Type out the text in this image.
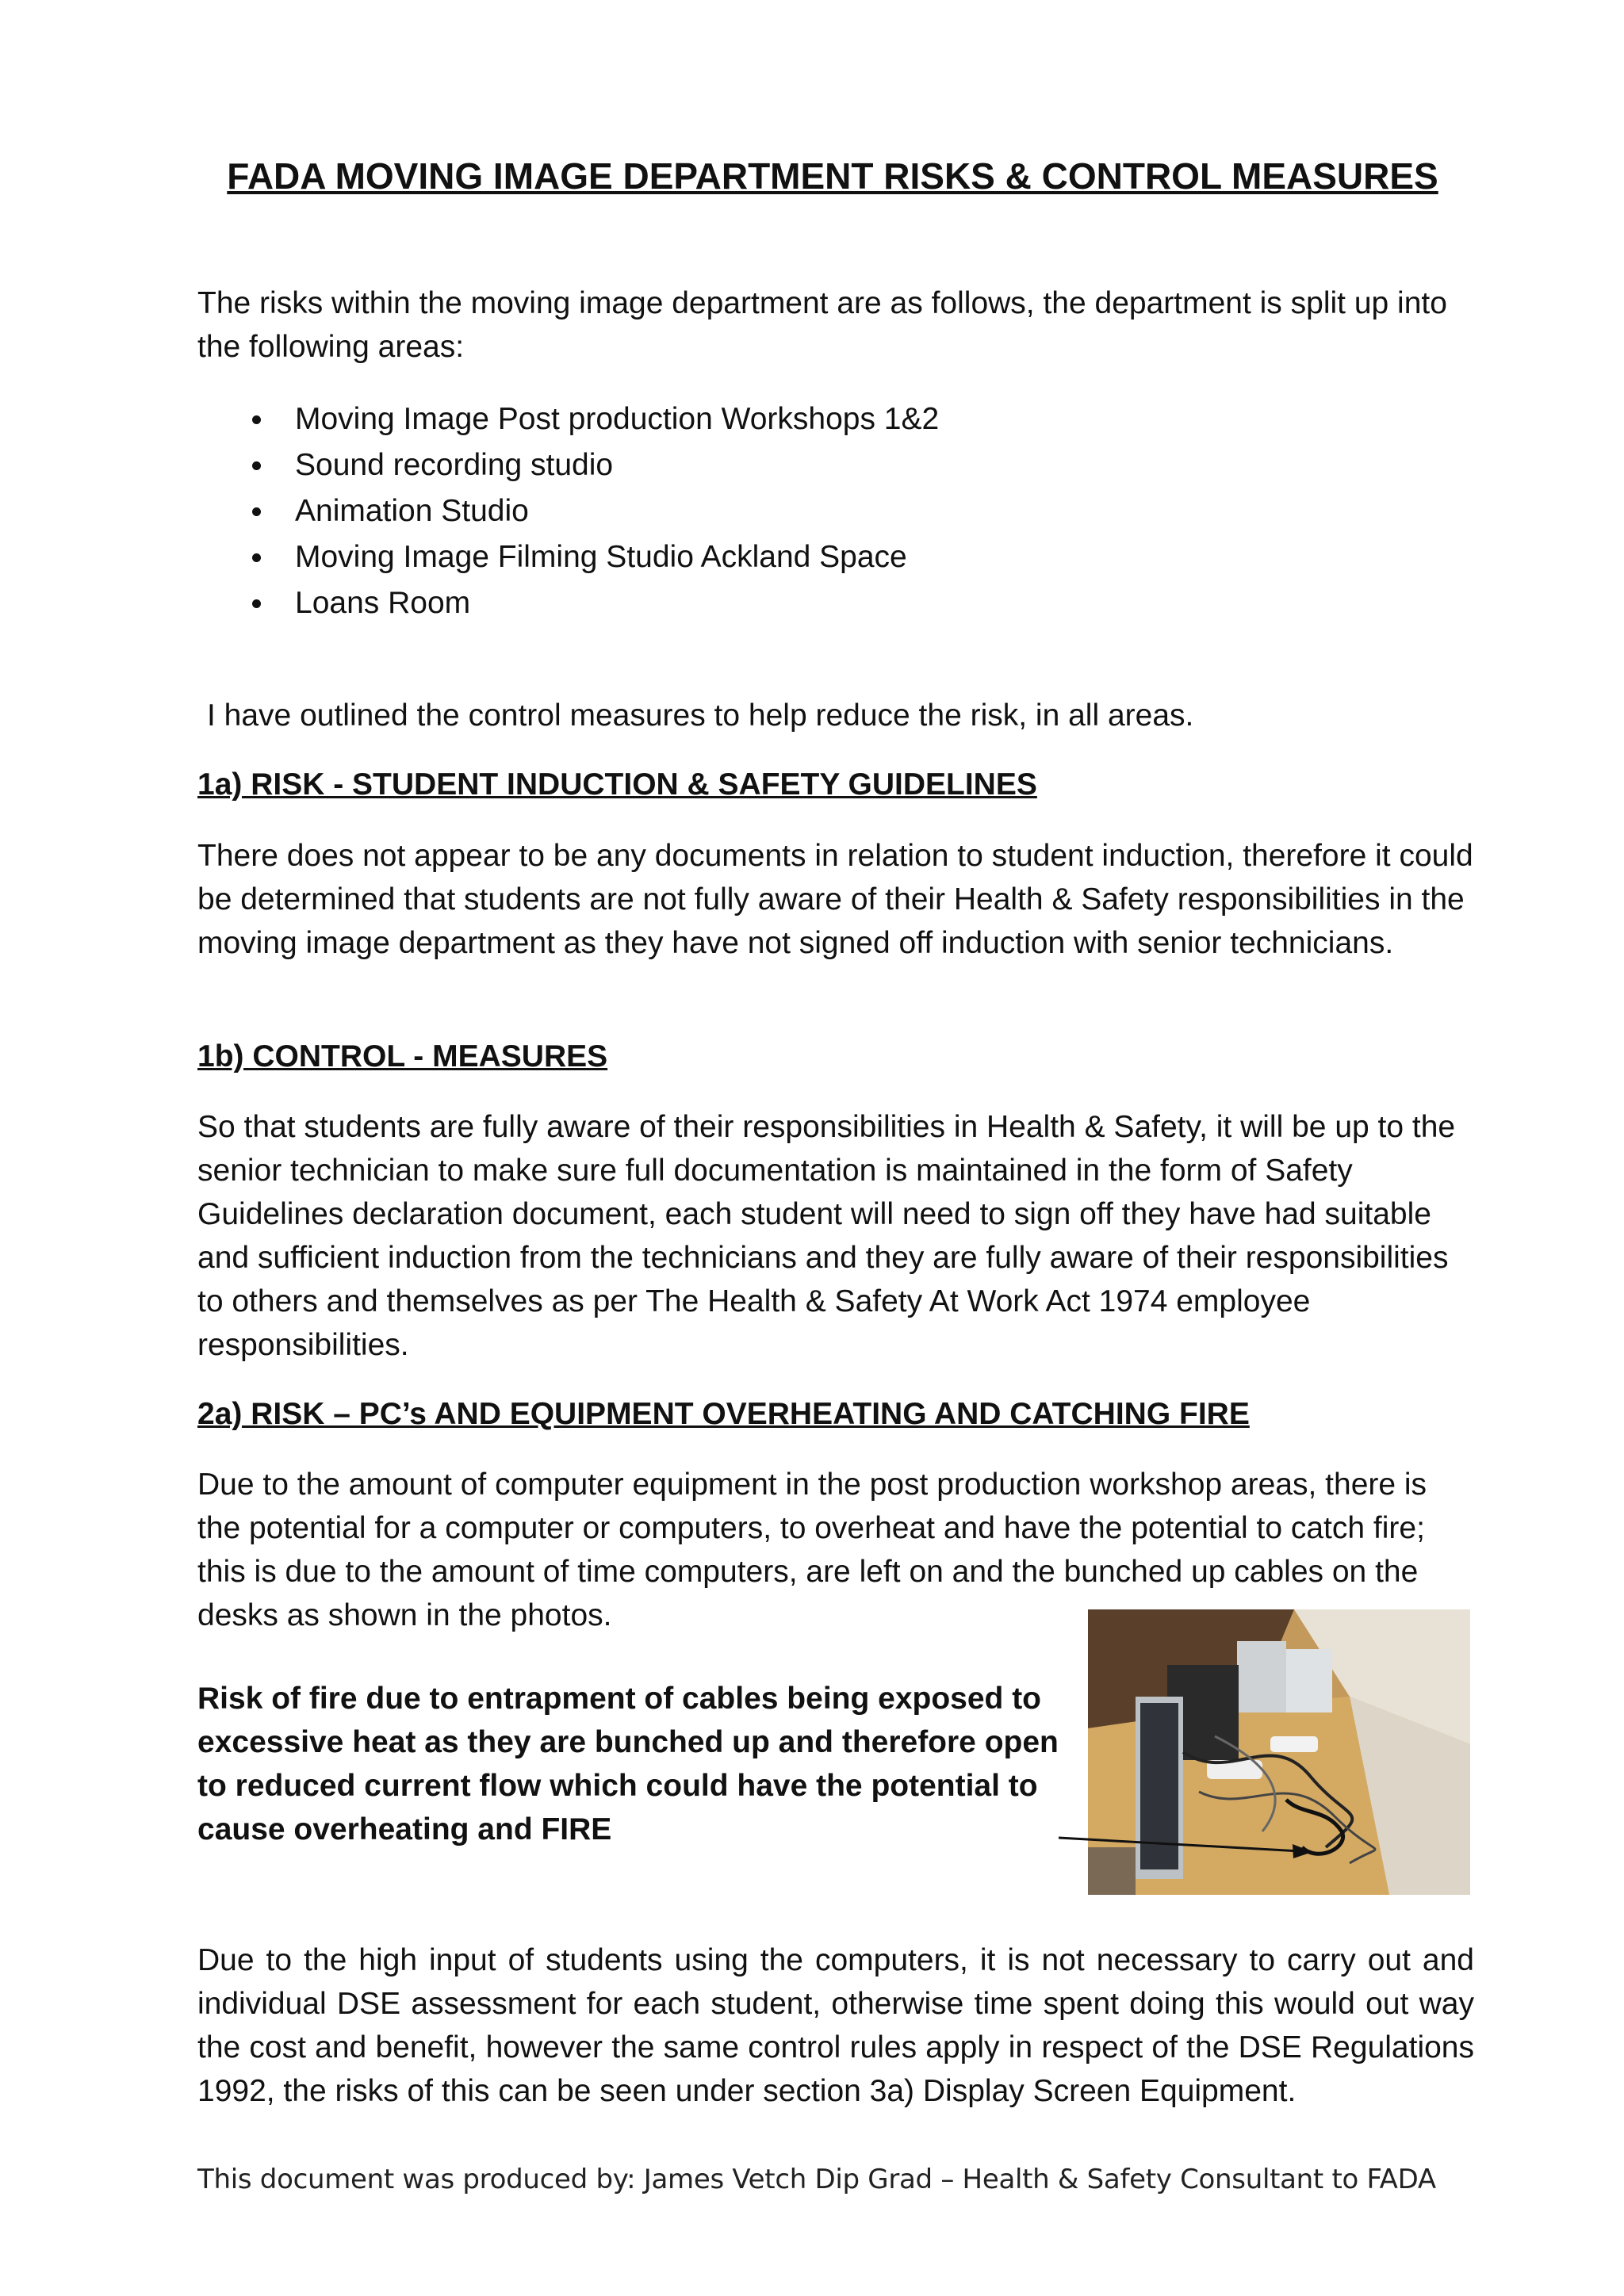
FADA MOVING IMAGE DEPARTMENT RISKS & CONTROL MEASURES

The risks within the moving image department are as follows, the department is split up into the following areas:

Moving Image Post production Workshops 1&2
Sound recording studio
Animation Studio
Moving Image Filming Studio Ackland Space
Loans Room

I have outlined the control measures to help reduce the risk, in all areas.

1a) RISK - STUDENT INDUCTION & SAFETY GUIDELINES

There does not appear to be any documents in relation to student induction, therefore it could be determined that students are not fully aware of their Health & Safety responsibilities in the moving image department as they have not signed off induction with senior technicians.

1b) CONTROL - MEASURES

So that students are fully aware of their responsibilities in Health & Safety, it will be up to the senior technician to make sure full documentation is maintained in the form of Safety Guidelines declaration document, each student will need to sign off they have had suitable and sufficient induction from the technicians and they are fully aware of their responsibilities to others and themselves as per The Health & Safety At Work Act 1974 employee responsibilities.

2a) RISK – PC’s AND EQUIPMENT OVERHEATING AND CATCHING FIRE

Due to the amount of computer equipment in the post production workshop areas, there is the potential for a computer or computers, to overheat and have the potential to catch fire; this is due to the amount of time computers, are left on and the bunched up cables on the desks as shown in the photos.

Risk of fire due to entrapment of cables being exposed to excessive heat as they are bunched up and therefore open to reduced current flow which could have the potential to cause overheating and FIRE

Due to the high input of students using the computers, it is not necessary to carry out and individual DSE assessment for each student, otherwise time spent doing this would out way the cost and benefit, however the same control rules apply in respect of the DSE Regulations 1992, the risks of this can be seen under section 3a) Display Screen Equipment.

This document was produced by: James Vetch Dip Grad – Health & Safety Consultant to FADA
